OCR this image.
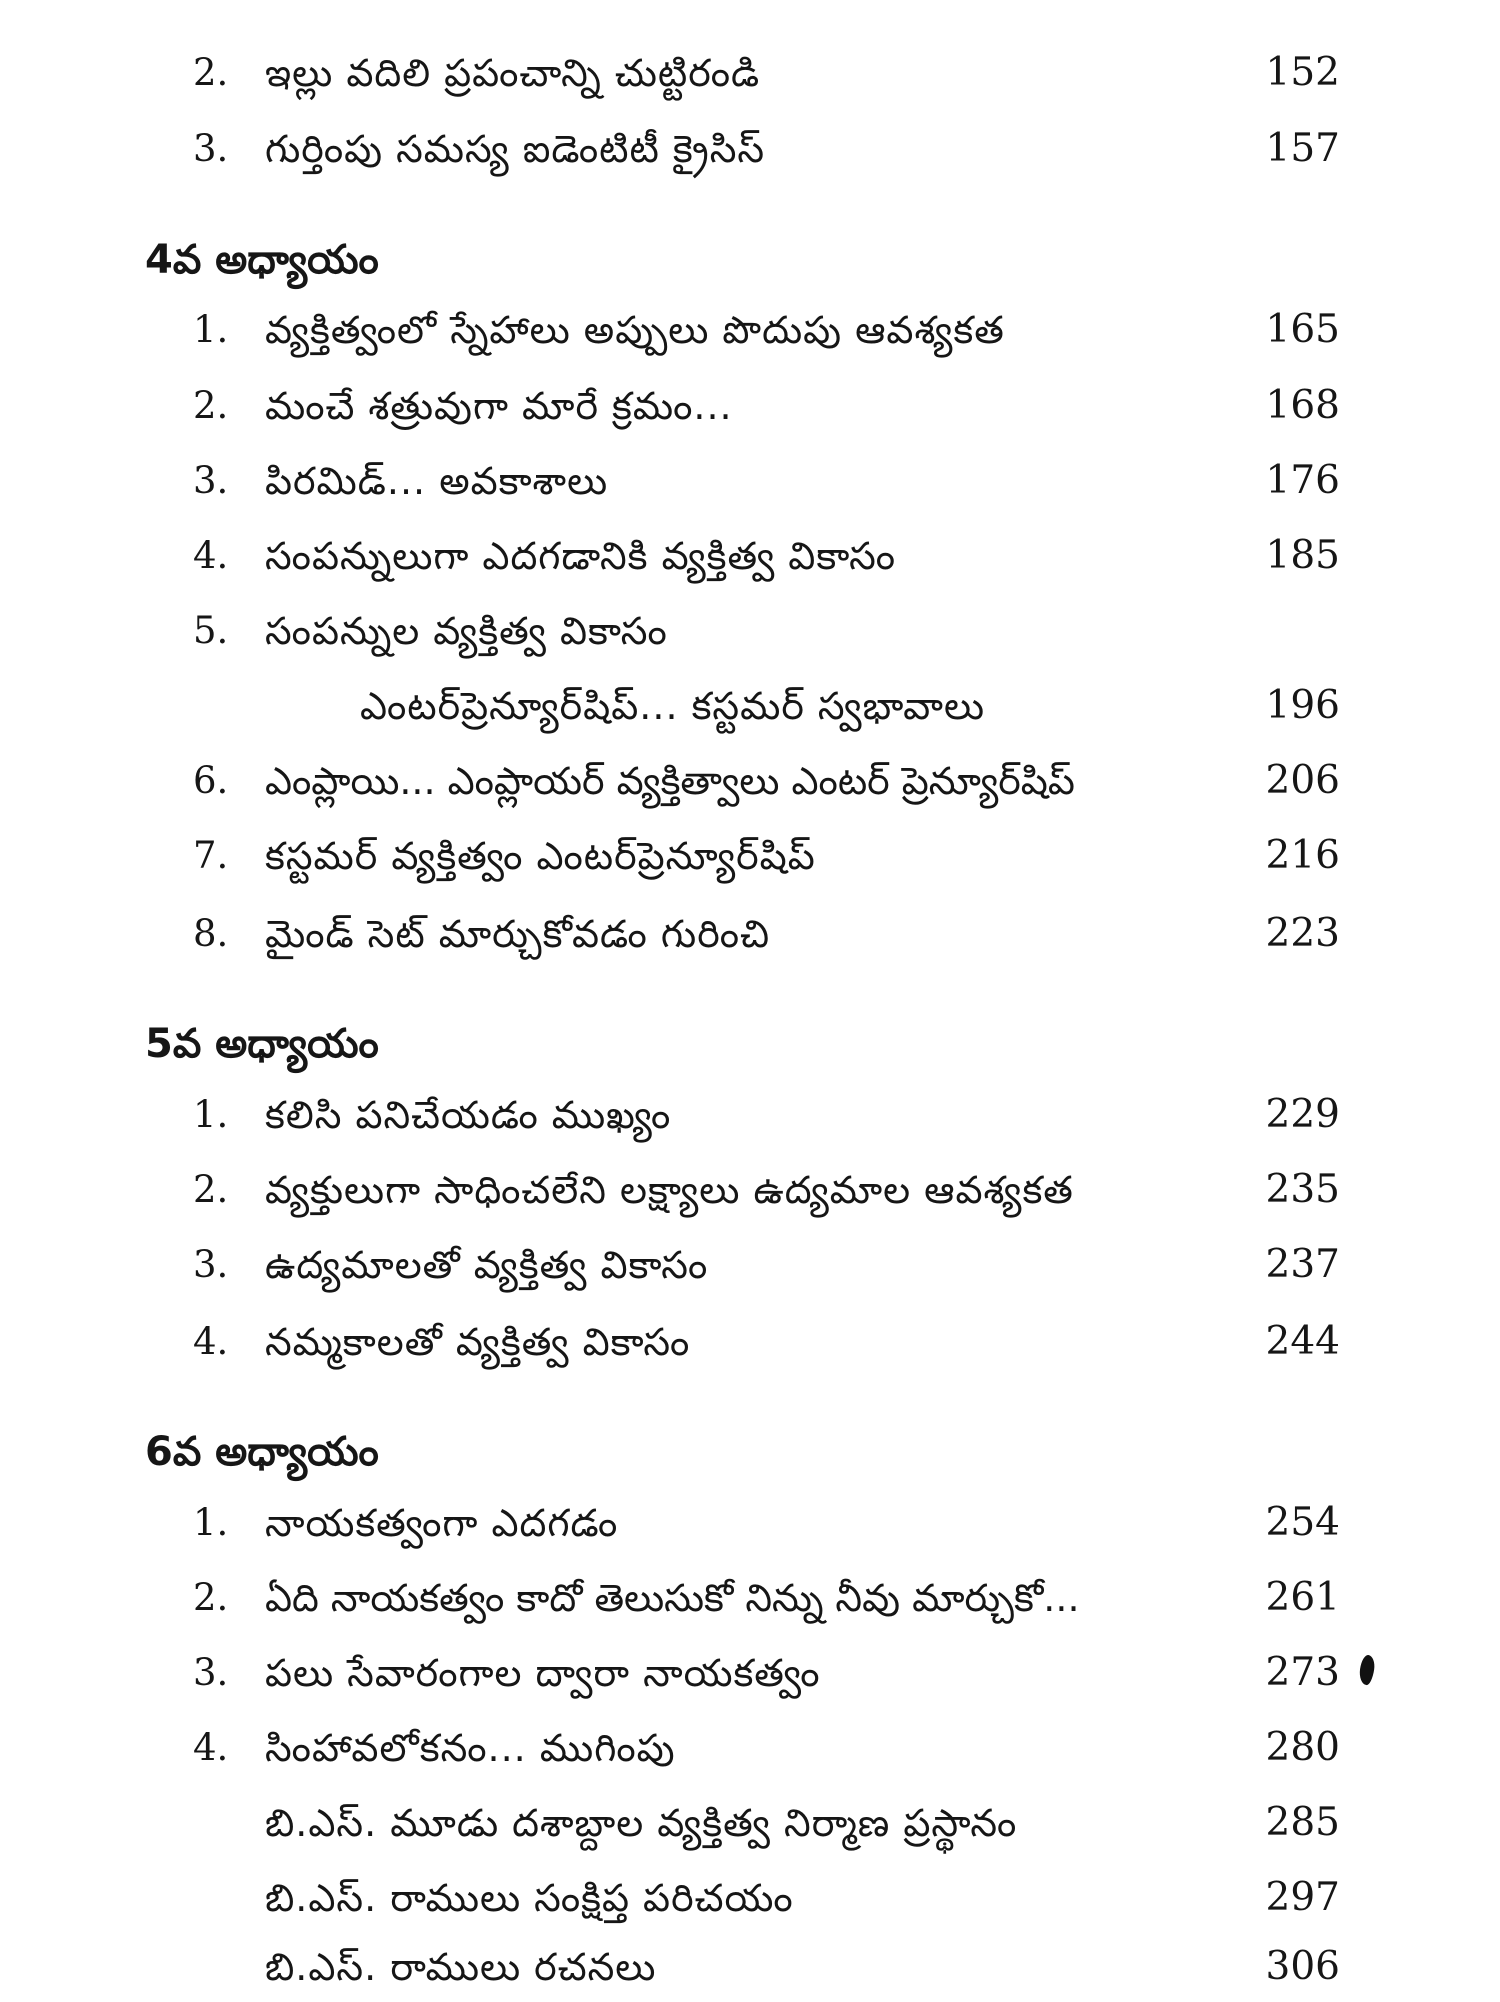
2. ఇల్లు వదిలి ప్రపంచాన్ని చుట్టిరండి	152
3. గుర్తింపు సమస్య ఐడెంటిటీ క్రైసిస్	157
4వ అధ్యాయం
1. వ్యక్తిత్వంలో స్నేహాలు అప్పులు పొదుపు ఆవశ్యకత	165
2. మంచే శత్రువుగా మారే క్రమం...	168
3. పిరమిడ్... అవకాశాలు	176
4. సంపన్నులుగా ఎదగడానికి వ్యక్తిత్వ వికాసం	185
5. సంపన్నుల వ్యక్తిత్వ వికాసం
ఎంటర్‌ప్రెన్యూర్‌షిప్... కస్టమర్ స్వభావాలు	196
6. ఎంప్లాయి... ఎంప్లాయర్ వ్యక్తిత్వాలు ఎంటర్ ప్రెన్యూర్‌షిప్	206
7. కస్టమర్ వ్యక్తిత్వం ఎంటర్‌ప్రెన్యూర్‌షిప్	216
8. మైండ్ సెట్ మార్చుకోవడం గురించి	223
5వ అధ్యాయం
1. కలిసి పనిచేయడం ముఖ్యం	229
2. వ్యక్తులుగా సాధించలేని లక్ష్యాలు ఉద్యమాల ఆవశ్యకత	235
3. ఉద్యమాలతో వ్యక్తిత్వ వికాసం	237
4. నమ్మకాలతో వ్యక్తిత్వ వికాసం	244
6వ అధ్యాయం
1. నాయకత్వంగా ఎదగడం	254
2. ఏది నాయకత్వం కాదో తెలుసుకో నిన్ను నీవు మార్చుకో...	261
3. పలు సేవారంగాల ద్వారా నాయకత్వం	273
4. సింహావలోకనం... ముగింపు	280
బి.ఎస్. మూడు దశాబ్దాల వ్యక్తిత్వ నిర్మాణ ప్రస్థానం	285
బి.ఎస్. రాములు సంక్షిప్త పరిచయం	297
బి.ఎస్. రాములు రచనలు	306
